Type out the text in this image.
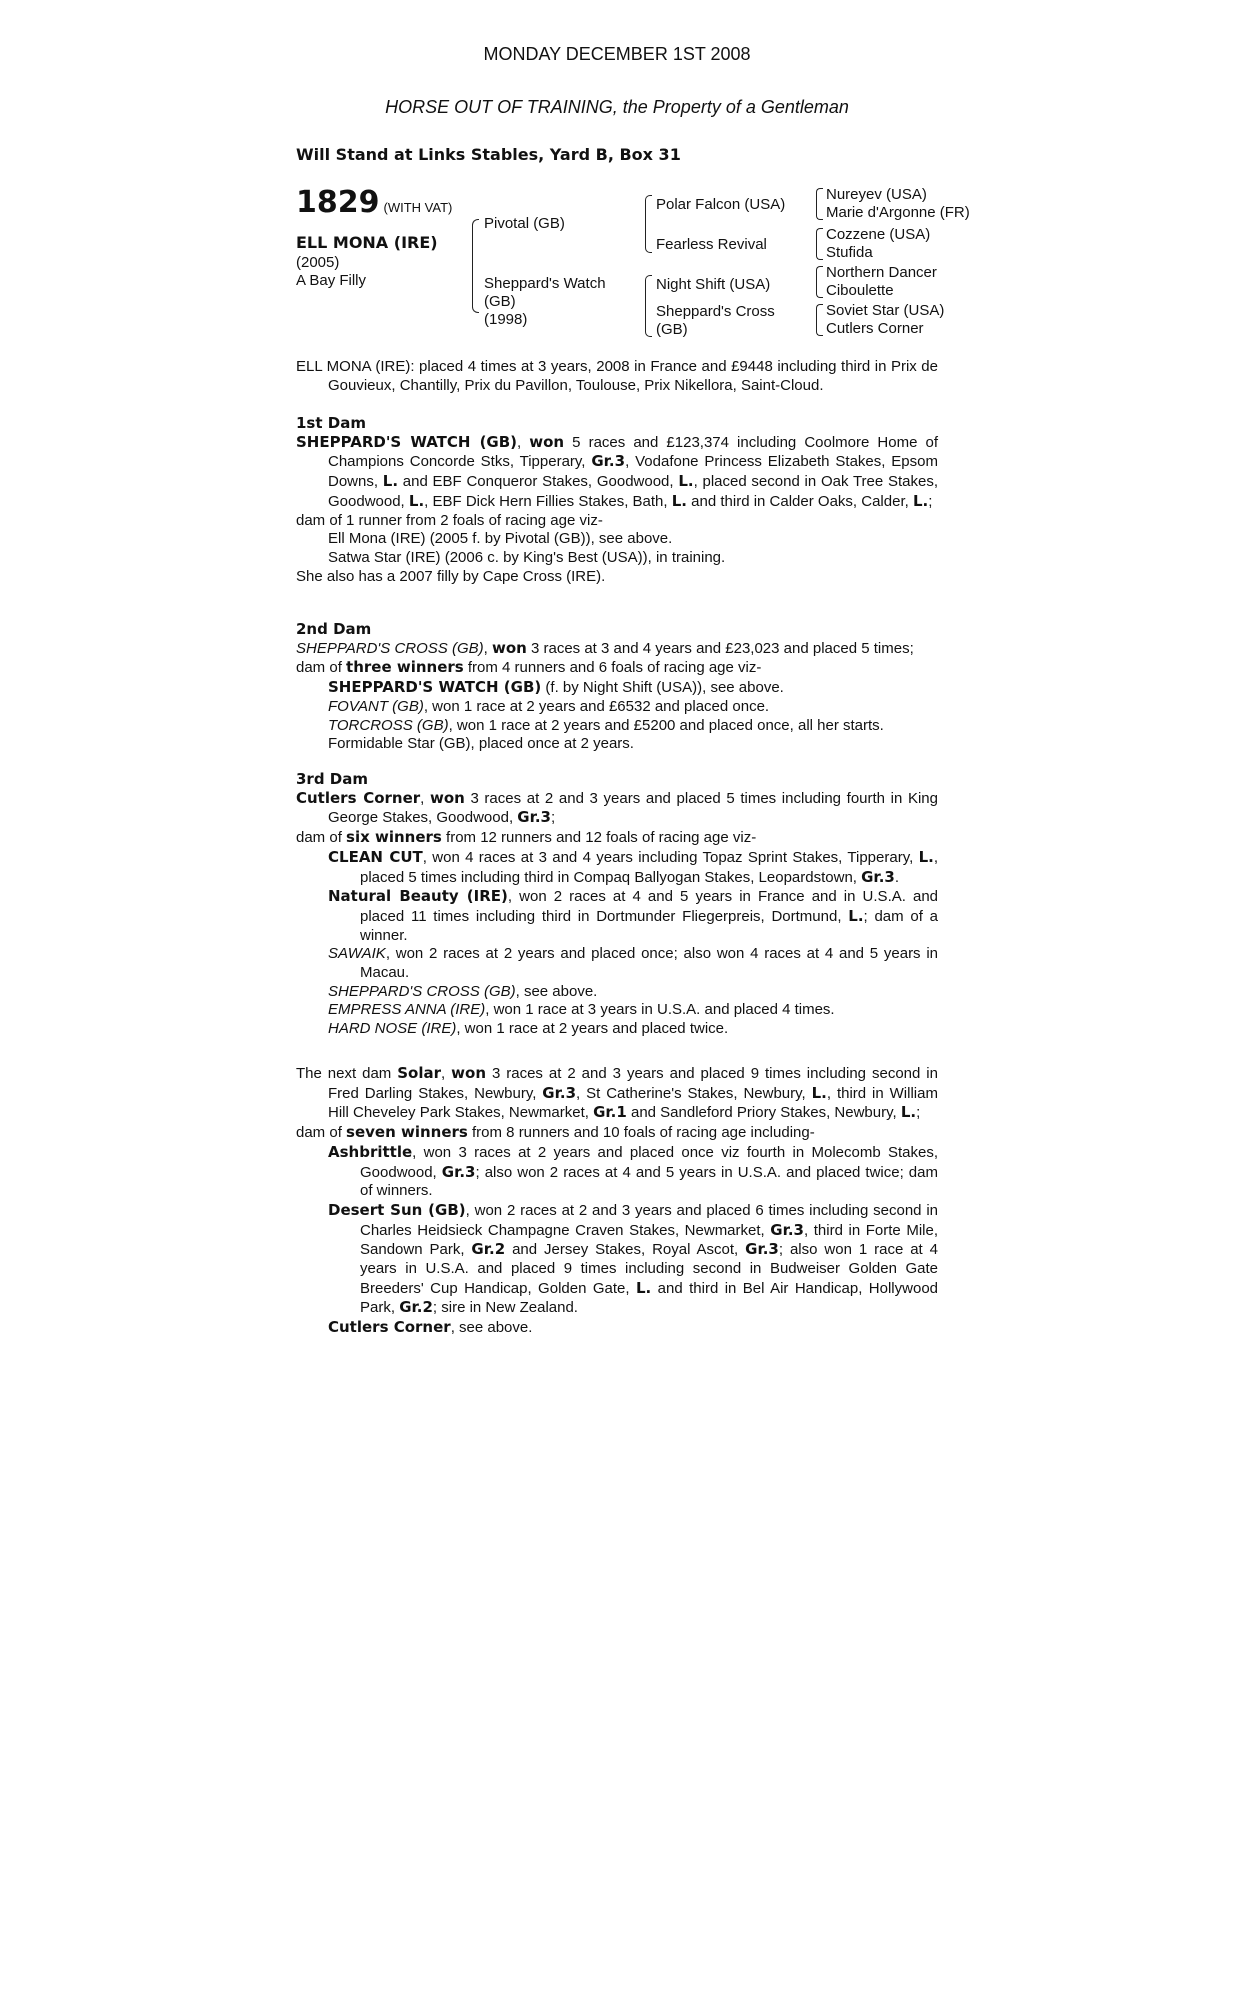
MONDAY DECEMBER 1ST 2008
HORSE OUT OF TRAINING, the Property of a Gentleman
Will Stand at Links Stables, Yard B, Box 31
1829 (WITH VAT)
ELL MONA (IRE)
(2005)
A Bay Filly
Pivotal (GB)
Sheppard's Watch
(GB)
(1998)
Polar Falcon (USA)
Fearless Revival
Night Shift (USA)
Sheppard's Cross
(GB)
Nureyev (USA)
Marie d'Argonne (FR)
Cozzene (USA)
Stufida
Northern Dancer
Ciboulette
Soviet Star (USA)
Cutlers Corner

ELL MONA (IRE): placed 4 times at 3 years, 2008 in France and £9448 including third in Prix de Gouvieux, Chantilly, Prix du Pavillon, Toulouse, Prix Nikellora, Saint-Cloud.

1st Dam

SHEPPARD'S WATCH (GB), won 5 races and £123,374 including Coolmore Home of Champions Concorde Stks, Tipperary, Gr.3, Vodafone Princess Elizabeth Stakes, Epsom Downs, L. and EBF Conqueror Stakes, Goodwood, L., placed second in Oak Tree Stakes, Goodwood, L., EBF Dick Hern Fillies Stakes, Bath, L. and third in Calder Oaks, Calder, L.;

dam of 1 runner from 2 foals of racing age viz-

Ell Mona (IRE) (2005 f. by Pivotal (GB)), see above.

Satwa Star (IRE) (2006 c. by King's Best (USA)), in training.

She also has a 2007 filly by Cape Cross (IRE).

2nd Dam

SHEPPARD'S CROSS (GB), won 3 races at 3 and 4 years and £23,023 and placed 5 times;

dam of three winners from 4 runners and 6 foals of racing age viz-

SHEPPARD'S WATCH (GB) (f. by Night Shift (USA)), see above.

FOVANT (GB), won 1 race at 2 years and £6532 and placed once.

TORCROSS (GB), won 1 race at 2 years and £5200 and placed once, all her starts.

Formidable Star (GB), placed once at 2 years.

3rd Dam

Cutlers Corner, won 3 races at 2 and 3 years and placed 5 times including fourth in King George Stakes, Goodwood, Gr.3;

dam of six winners from 12 runners and 12 foals of racing age viz-

CLEAN CUT, won 4 races at 3 and 4 years including Topaz Sprint Stakes, Tipperary, L., placed 5 times including third in Compaq Ballyogan Stakes, Leopardstown, Gr.3.

Natural Beauty (IRE), won 2 races at 4 and 5 years in France and in U.S.A. and placed 11 times including third in Dortmunder Fliegerpreis, Dortmund, L.; dam of a winner.

SAWAIK, won 2 races at 2 years and placed once; also won 4 races at 4 and 5 years in Macau.

SHEPPARD'S CROSS (GB), see above.

EMPRESS ANNA (IRE), won 1 race at 3 years in U.S.A. and placed 4 times.

HARD NOSE (IRE), won 1 race at 2 years and placed twice.

The next dam Solar, won 3 races at 2 and 3 years and placed 9 times including second in Fred Darling Stakes, Newbury, Gr.3, St Catherine's Stakes, Newbury, L., third in William Hill Cheveley Park Stakes, Newmarket, Gr.1 and Sandleford Priory Stakes, Newbury, L.;

dam of seven winners from 8 runners and 10 foals of racing age including-

Ashbrittle, won 3 races at 2 years and placed once viz fourth in Molecomb Stakes, Goodwood, Gr.3; also won 2 races at 4 and 5 years in U.S.A. and placed twice; dam of winners.

Desert Sun (GB), won 2 races at 2 and 3 years and placed 6 times including second in Charles Heidsieck Champagne Craven Stakes, Newmarket, Gr.3, third in Forte Mile, Sandown Park, Gr.2 and Jersey Stakes, Royal Ascot, Gr.3; also won 1 race at 4 years in U.S.A. and placed 9 times including second in Budweiser Golden Gate Breeders' Cup Handicap, Golden Gate, L. and third in Bel Air Handicap, Hollywood Park, Gr.2; sire in New Zealand.

Cutlers Corner, see above.
